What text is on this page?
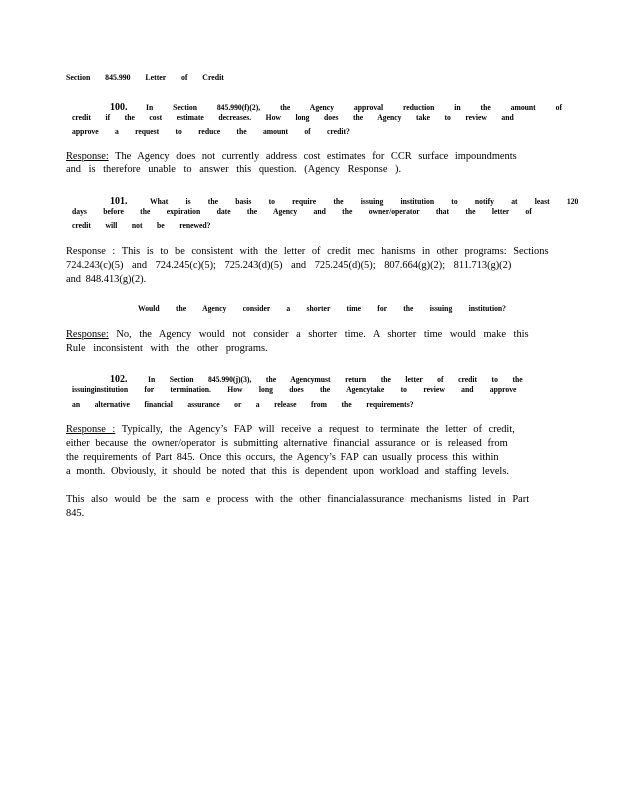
Section 845.990 Letter of Credit
100. In Section 845.990(f)(2), the Agency approval reduction in the amount of
credit if the cost estimate decreases. How long does the Agency take to review and
approve a request to reduce the amount of credit?
Response: The Agency does not currently address cost estimates for CCR surface impoundments
and is therefore unable to answer this question. (Agency Response ).
101.	What is the basis to require the issuing institution to notify at least 120
days before the expiration date the Agency and the owner/operator that the letter of
credit will not be renewed?
Response : This is to be consistent with the letter of credit mec hanisms in other programs: Sections
724.243(c)(5) and 724.245(c)(5); 725.243(d)(5) and 725.245(d)(5); 807.664(g)(2); 811.713(g)(2)
and 848.413(g)(2).
Would the Agency consider a shorter time for the issuing institution?
Response: No, the Agency would not consider a shorter time. A shorter time would make this
Rule inconsistent with the other programs.
102. In Section 845.990(j)(3), the Agencymust return the letter of credit to the
issuinginstitution for termination. How long does the Agencytake to review and approve
an alternative financial assurance or a release from the requirements?
Response : Typically, the Agency’s FAP will receive a request to terminate the letter of credit,
either because the owner/operator is submitting alternative financial assurance or is released from
the requirements of Part 845. Once this occurs, the Agency’s FAP can usually process this within
a month. Obviously, it should be noted that this is dependent upon workload and staffing levels.
This also would be the sam e process with the other financialassurance mechanisms listed in Part
845.
